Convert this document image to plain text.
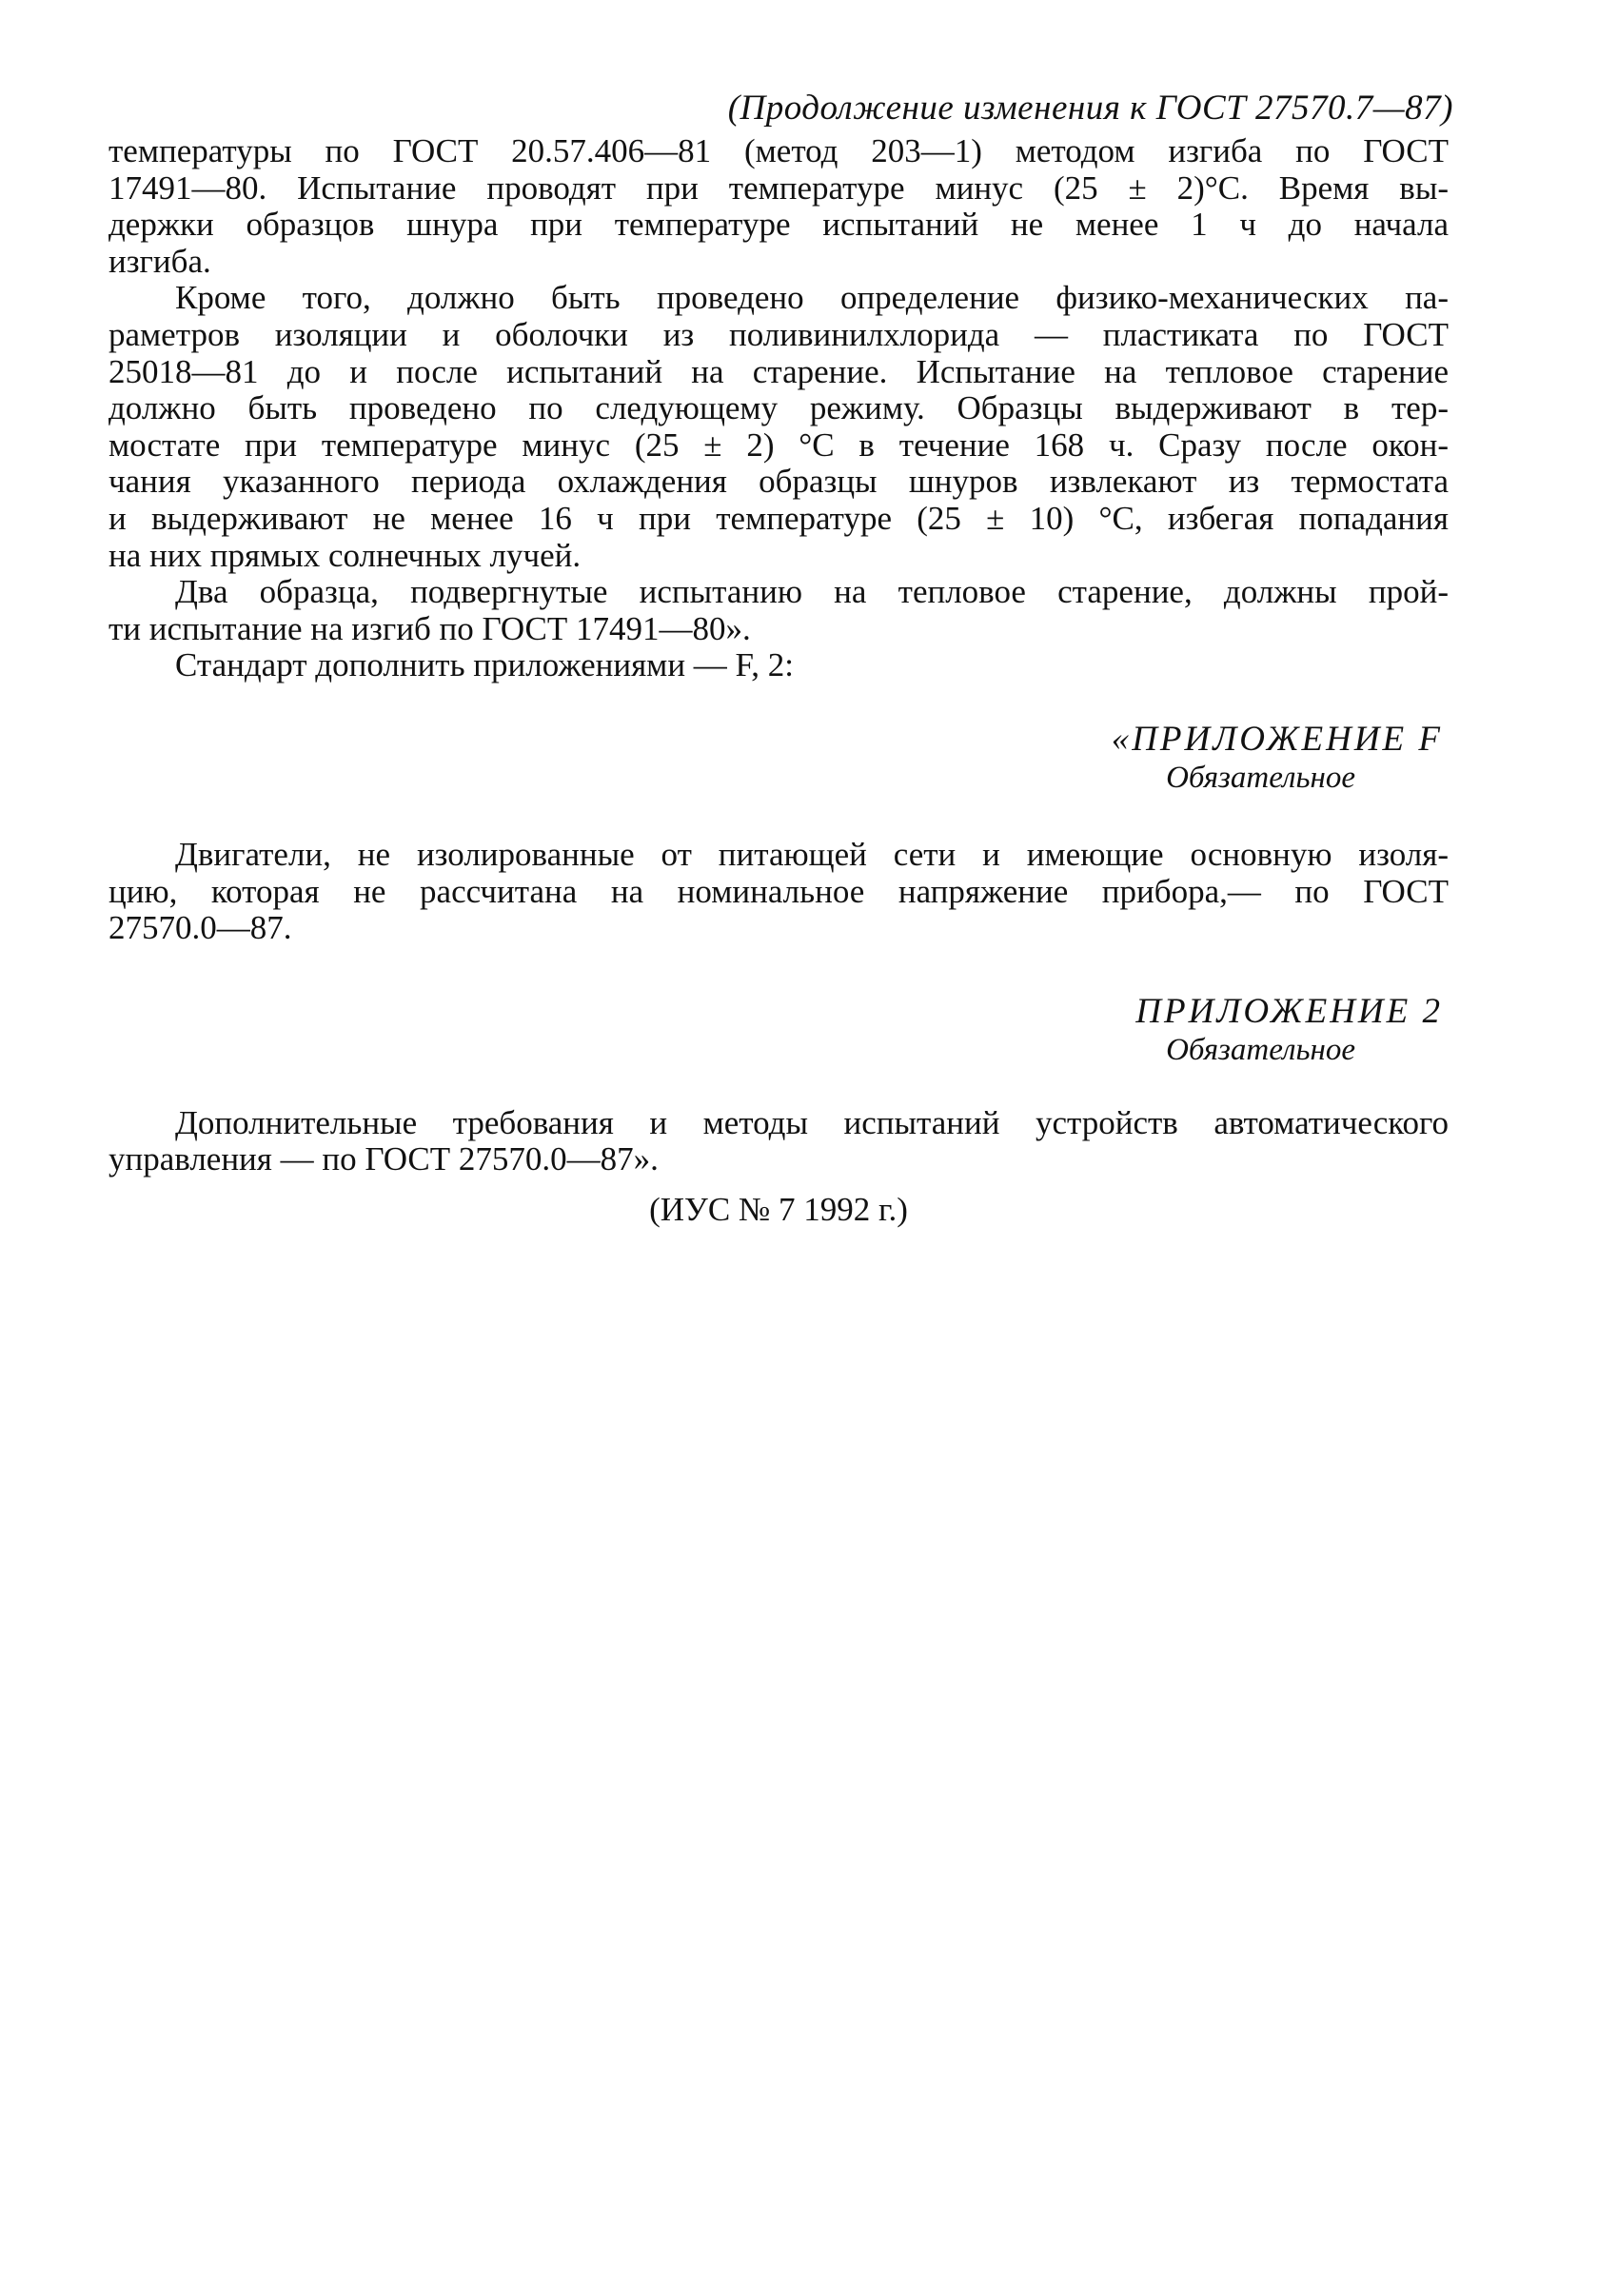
(Продолжение изменения к ГОСТ 27570.7—87)
температуры по ГОСТ 20.57.406—81 (метод 203—1) методом изгиба по ГОСТ
17491—80. Испытание проводят при температуре минус (25 ± 2)°С. Время вы-
держки образцов шнура при температуре испытаний не менее 1 ч до начала
изгиба.
Кроме того, должно быть проведено определение физико-механических па-
раметров изоляции и оболочки из поливинилхлорида — пластиката по ГОСТ
25018—81 до и после испытаний на старение. Испытание на тепловое старение
должно быть проведено по следующему режиму. Образцы выдерживают в тер-
мостате при температуре минус (25 ± 2) °С в течение 168 ч. Сразу после окон-
чания указанного периода охлаждения образцы шнуров извлекают из термостата
и выдерживают не менее 16 ч при температуре (25 ± 10) °С, избегая попадания
на них прямых солнечных лучей.
Два образца, подвергнутые испытанию на тепловое старение, должны прой-
ти испытание на изгиб по ГОСТ 17491—80».
Стандарт дополнить приложениями — F, 2:
«ПРИЛОЖЕНИЕ F
Обязательное
Двигатели, не изолированные от питающей сети и имеющие основную изоля-
цию, которая не рассчитана на номинальное напряжение прибора,— по ГОСТ
27570.0—87.
ПРИЛОЖЕНИЕ 2
Обязательное
Дополнительные требования и методы испытаний устройств автоматического
управления — по ГОСТ 27570.0—87».
(ИУС № 7 1992 г.)
